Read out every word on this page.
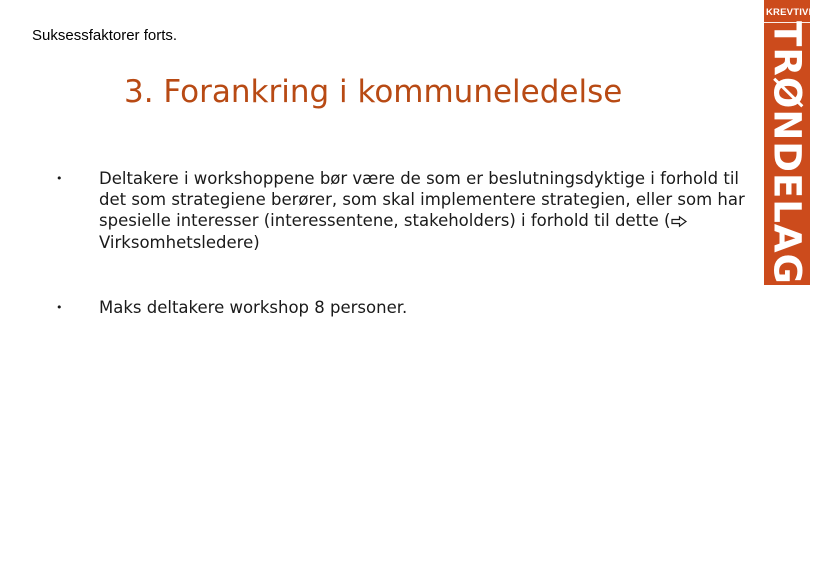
Suksessfaktorer forts.
3. Forankring i kommuneledelse
• Deltakere i workshoppene bør være de som er beslutningsdyktige i forhold til det som strategiene berører, som skal implementere strategien, eller som har spesielle interesser (interessentene, stakeholders) i forhold til dette (Virksomhetsledere)
• Maks deltakere workshop 8 personer.
KREVTIVE
TRØNDELAG
